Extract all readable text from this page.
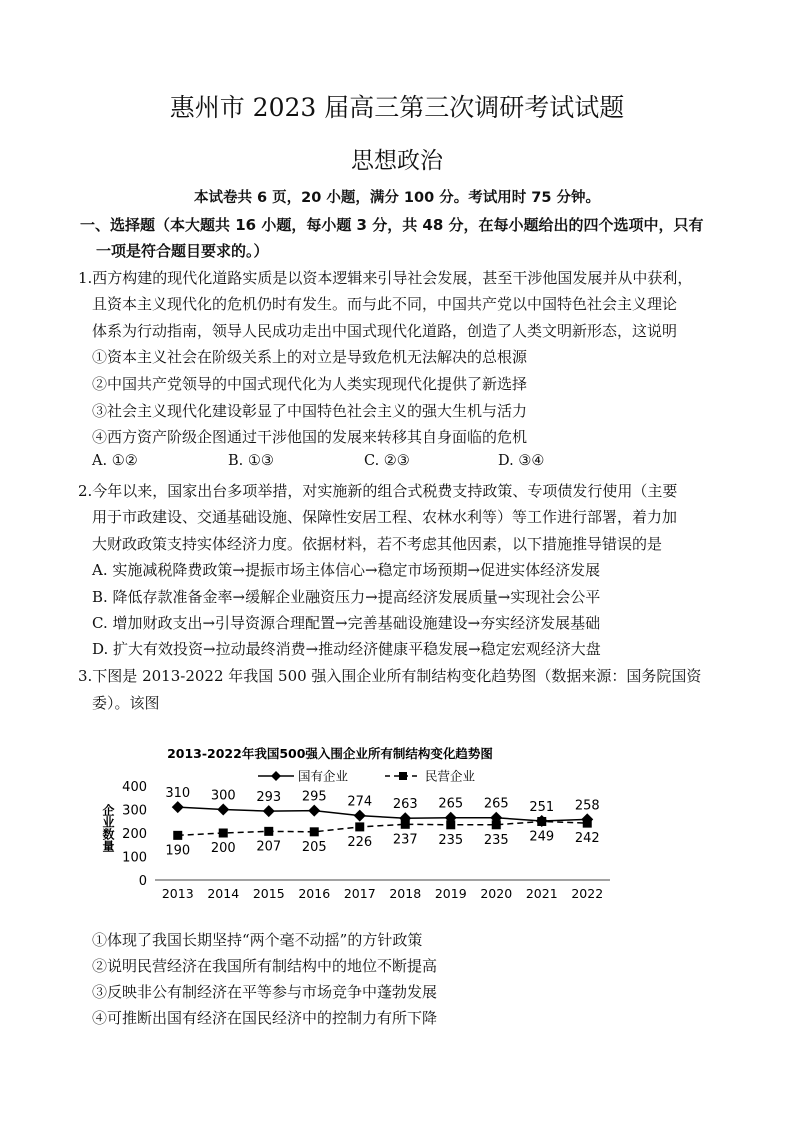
惠州市 2023 届高三第三次调研考试试题
思想政治
本试卷共 6 页，20 小题，满分 100 分。考试用时 75 分钟。
一、选择题（本大题共 16 小题，每小题 3 分，共 48 分，在每小题给出的四个选项中，只有
一项是符合题目要求的。）
1.西方构建的现代化道路实质是以资本逻辑来引导社会发展，甚至干涉他国发展并从中获利，
且资本主义现代化的危机仍时有发生。而与此不同，中国共产党以中国特色社会主义理论
体系为行动指南，领导人民成功走出中国式现代化道路，创造了人类文明新形态，这说明
①资本主义社会在阶级关系上的对立是导致危机无法解决的总根源
②中国共产党领导的中国式现代化为人类实现现代化提供了新选择
③社会主义现代化建设彰显了中国特色社会主义的强大生机与活力
④西方资产阶级企图通过干涉他国的发展来转移其自身面临的危机
A. ①②	B. ①③	C. ②③	D. ③④
2.今年以来，国家出台多项举措，对实施新的组合式税费支持政策、专项债发行使用（主要
用于市政建设、交通基础设施、保障性安居工程、农林水利等）等工作进行部署，着力加
大财政政策支持实体经济力度。依据材料，若不考虑其他因素，以下措施推导错误的是
A. 实施减税降费政策→提振市场主体信心→稳定市场预期→促进实体经济发展
B. 降低存款准备金率→缓解企业融资压力→提高经济发展质量→实现社会公平
C. 增加财政支出→引导资源合理配置→完善基础设施建设→夯实经济发展基础
D. 扩大有效投资→拉动最终消费→推动经济健康平稳发展→稳定宏观经济大盘
3.下图是 2013-2022 年我国 500 强入围企业所有制结构变化趋势图（数据来源：国务院国资
委）。该图
2013-2022年我国500强入围企业所有制结构变化趋势图
企业数量
0
100
200
300
400
2013 2014 2015 2016 2017 2018 2019 2020 2021 2022
国有企业	民营企业
310 300 293 295 274 263 265 265 251 258
190 200 207 205 226 237 235 235 249 242
①体现了我国长期坚持“两个毫不动摇”的方针政策
②说明民营经济在我国所有制结构中的地位不断提高
③反映非公有制经济在平等参与市场竞争中蓬勃发展
④可推断出国有经济在国民经济中的控制力有所下降
